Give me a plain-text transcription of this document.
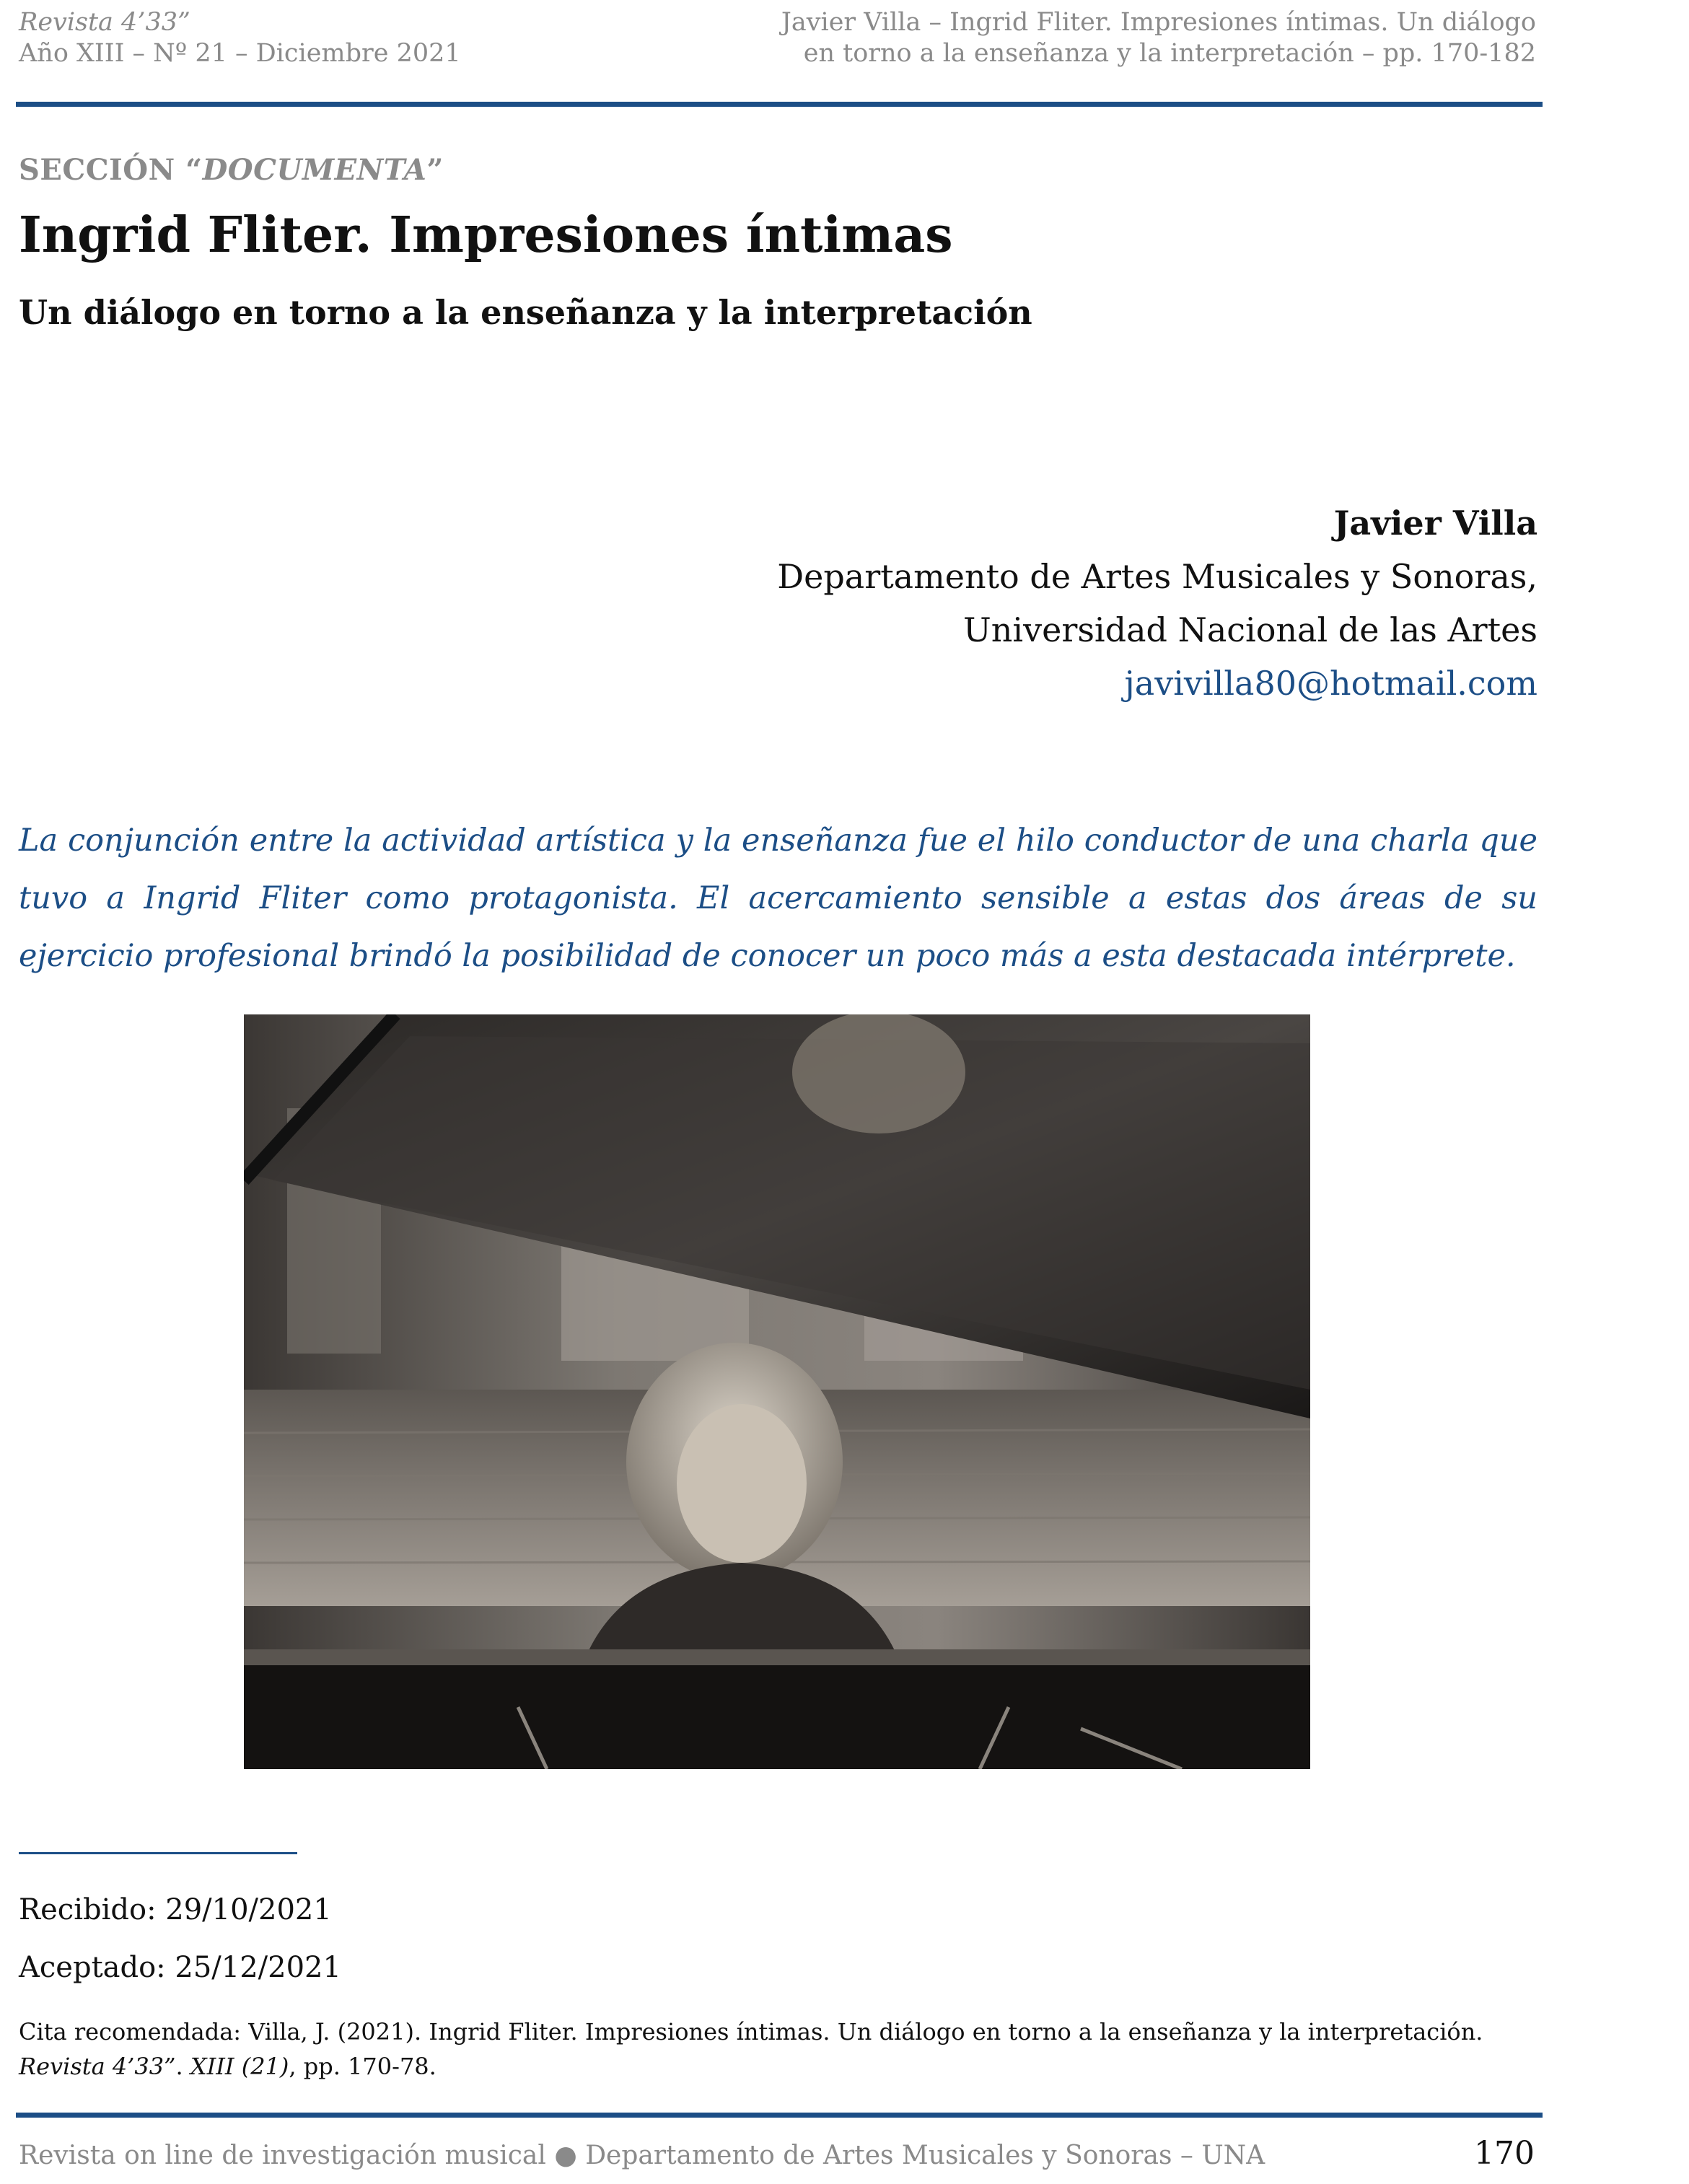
Revista 4’33”
Año XIII – Nº 21 – Diciembre 2021
Javier Villa – Ingrid Fliter. Impresiones íntimas. Un diálogo
en torno a la enseñanza y la interpretación – pp. 170-182
SECCIÓN “DOCUMENTA”
Ingrid Fliter. Impresiones íntimas
Un diálogo en torno a la enseñanza y la interpretación
Javier Villa
Departamento de Artes Musicales y Sonoras,
Universidad Nacional de las Artes
javivilla80@hotmail.com
La conjunción entre la actividad artística y la enseñanza fue el hilo conductor de una charla que tuvo a Ingrid Fliter como protagonista. El acercamiento sensible a estas dos áreas de su ejercicio profesional brindó la posibilidad de conocer un poco más a esta destacada intérprete.
Recibido: 29/10/2021
Aceptado: 25/12/2021
Cita recomendada: Villa, J. (2021). Ingrid Fliter. Impresiones íntimas. Un diálogo en torno a la enseñanza y la interpretación. Revista 4’33”. XIII (21), pp. 170-78.
Revista on line de investigación musical ● Departamento de Artes Musicales y Sonoras – UNA	170
